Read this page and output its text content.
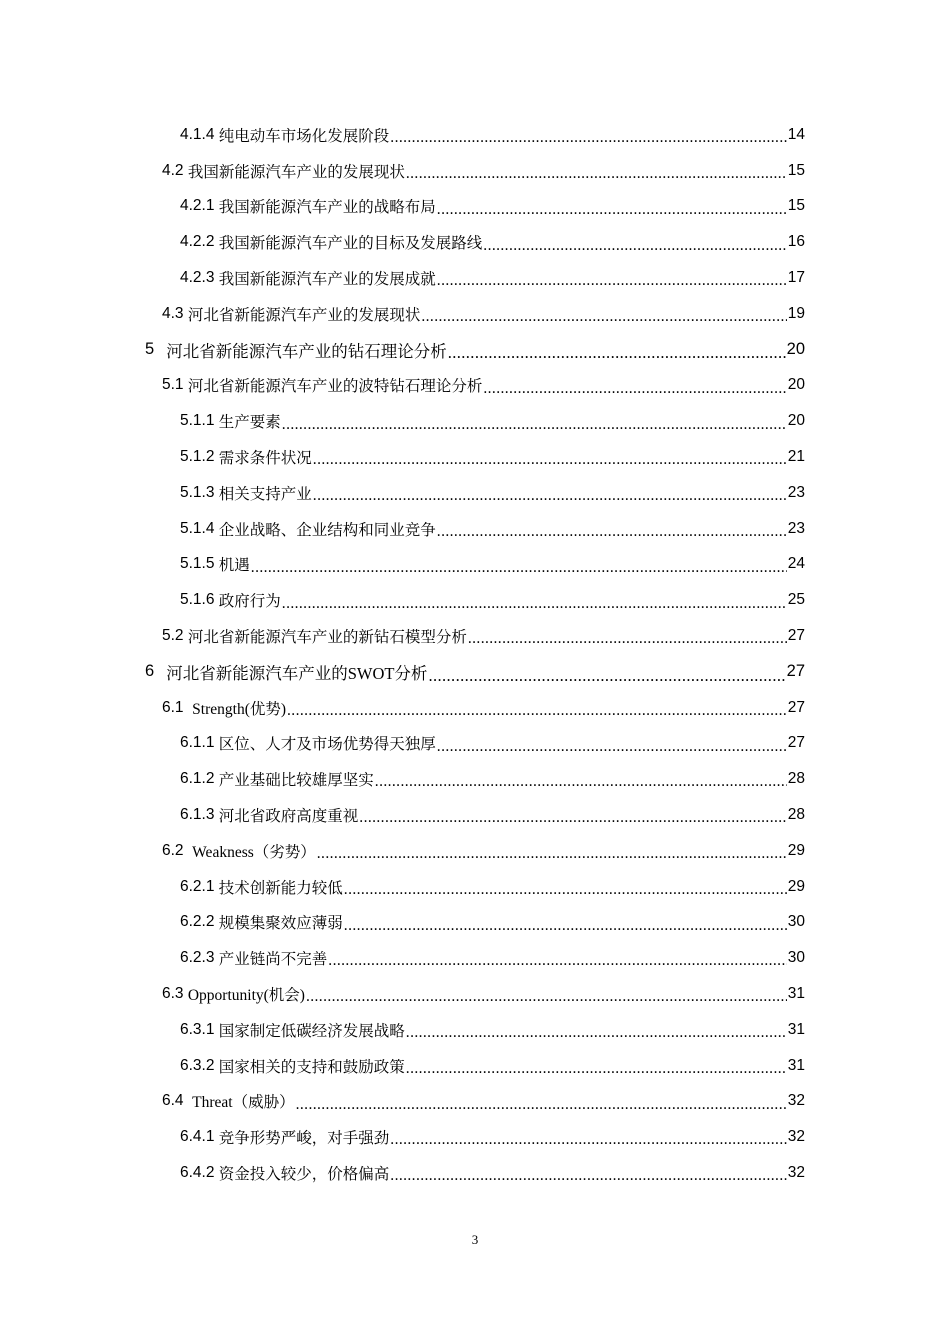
4.1.4 纯电动车市场化发展阶段 .....	14
4.2 我国新能源汽车产业的发展现状 .....	15
4.2.1 我国新能源汽车产业的战略布局 .....	15
4.2.2 我国新能源汽车产业的目标及发展路线 .....	16
4.2.3 我国新能源汽车产业的发展成就 .....	17
4.3 河北省新能源汽车产业的发展现状 .....	19
5 河北省新能源汽车产业的钻石理论分析 .....	20
5.1 河北省新能源汽车产业的波特钻石理论分析 .....	20
5.1.1 生产要素 .....	20
5.1.2 需求条件状况 .....	21
5.1.3 相关支持产业 .....	23
5.1.4 企业战略、企业结构和同业竞争 .....	23
5.1.5 机遇 .....	24
5.1.6 政府行为 .....	25
5.2 河北省新能源汽车产业的新钻石模型分析 .....	27
6 河北省新能源汽车产业的SWOT分析 .....	27
6.1 Strength(优势) .....	27
6.1.1 区位、人才及市场优势得天独厚 .....	27
6.1.2 产业基础比较雄厚坚实 .....	28
6.1.3 河北省政府高度重视 .....	28
6.2 Weakness（劣势） .....	29
6.2.1 技术创新能力较低 .....	29
6.2.2 规模集聚效应薄弱 .....	30
6.2.3 产业链尚不完善 .....	30
6.3 Opportunity(机会) .....	31
6.3.1 国家制定低碳经济发展战略 .....	31
6.3.2 国家相关的支持和鼓励政策 .....	31
6.4 Threat（威胁） .....	32
6.4.1 竞争形势严峻，对手强劲 .....	32
6.4.2 资金投入较少，价格偏高 .....	32
3
